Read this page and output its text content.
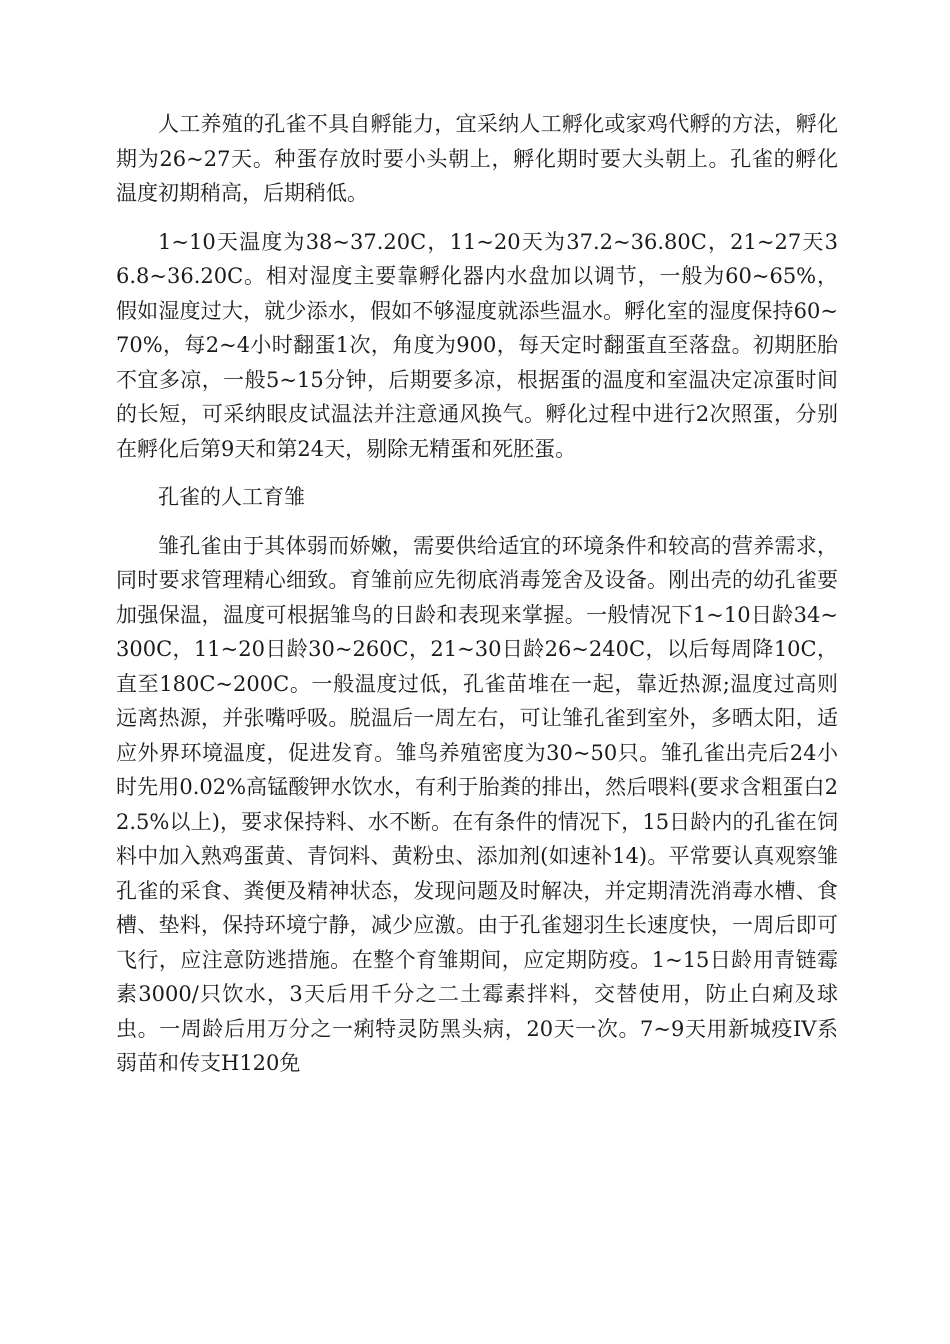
人工养殖的孔雀不具自孵能力，宜采纳人工孵化或家鸡代孵的方法，孵化期为26~27天。种蛋存放时要小头朝上，孵化期时要大头朝上。孔雀的孵化温度初期稍高，后期稍低。

1~10天温度为38~37.20C，11~20天为37.2~36.80C，21~27天36.8~36.20C。相对湿度主要靠孵化器内水盘加以调节，一般为60~65%，假如湿度过大，就少添水，假如不够湿度就添些温水。孵化室的湿度保持60~70%，每2~4小时翻蛋1次，角度为900，每天定时翻蛋直至落盘。初期胚胎不宜多凉，一般5~15分钟，后期要多凉，根据蛋的温度和室温决定凉蛋时间的长短，可采纳眼皮试温法并注意通风换气。孵化过程中进行2次照蛋，分别在孵化后第9天和第24天，剔除无精蛋和死胚蛋。

孔雀的人工育雏

雏孔雀由于其体弱而娇嫩，需要供给适宜的环境条件和较高的营养需求，同时要求管理精心细致。育雏前应先彻底消毒笼舍及设备。刚出壳的幼孔雀要加强保温，温度可根据雏鸟的日龄和表现来掌握。一般情况下1~10日龄34~300C，11~20日龄30~260C，21~30日龄26~240C，以后每周降10C，直至180C~200C。一般温度过低，孔雀苗堆在一起，靠近热源;温度过高则远离热源，并张嘴呼吸。脱温后一周左右，可让雏孔雀到室外，多晒太阳，适应外界环境温度，促进发育。雏鸟养殖密度为30~50只。雏孔雀出壳后24小时先用0.02%高锰酸钾水饮水，有利于胎粪的排出，然后喂料(要求含粗蛋白22.5%以上)，要求保持料、水不断。在有条件的情况下，15日龄内的孔雀在饲料中加入熟鸡蛋黄、青饲料、黄粉虫、添加剂(如速补14)。平常要认真观察雏孔雀的采食、粪便及精神状态，发现问题及时解决，并定期清洗消毒水槽、食槽、垫料，保持环境宁静，减少应激。由于孔雀翅羽生长速度快，一周后即可飞行，应注意防逃措施。在整个育雏期间，应定期防疫。1~15日龄用青链霉素3000/只饮水，3天后用千分之二土霉素拌料，交替使用，防止白痢及球虫。一周龄后用万分之一痢特灵防黑头病，20天一次。7~9天用新城疫IV系弱苗和传支H120免
